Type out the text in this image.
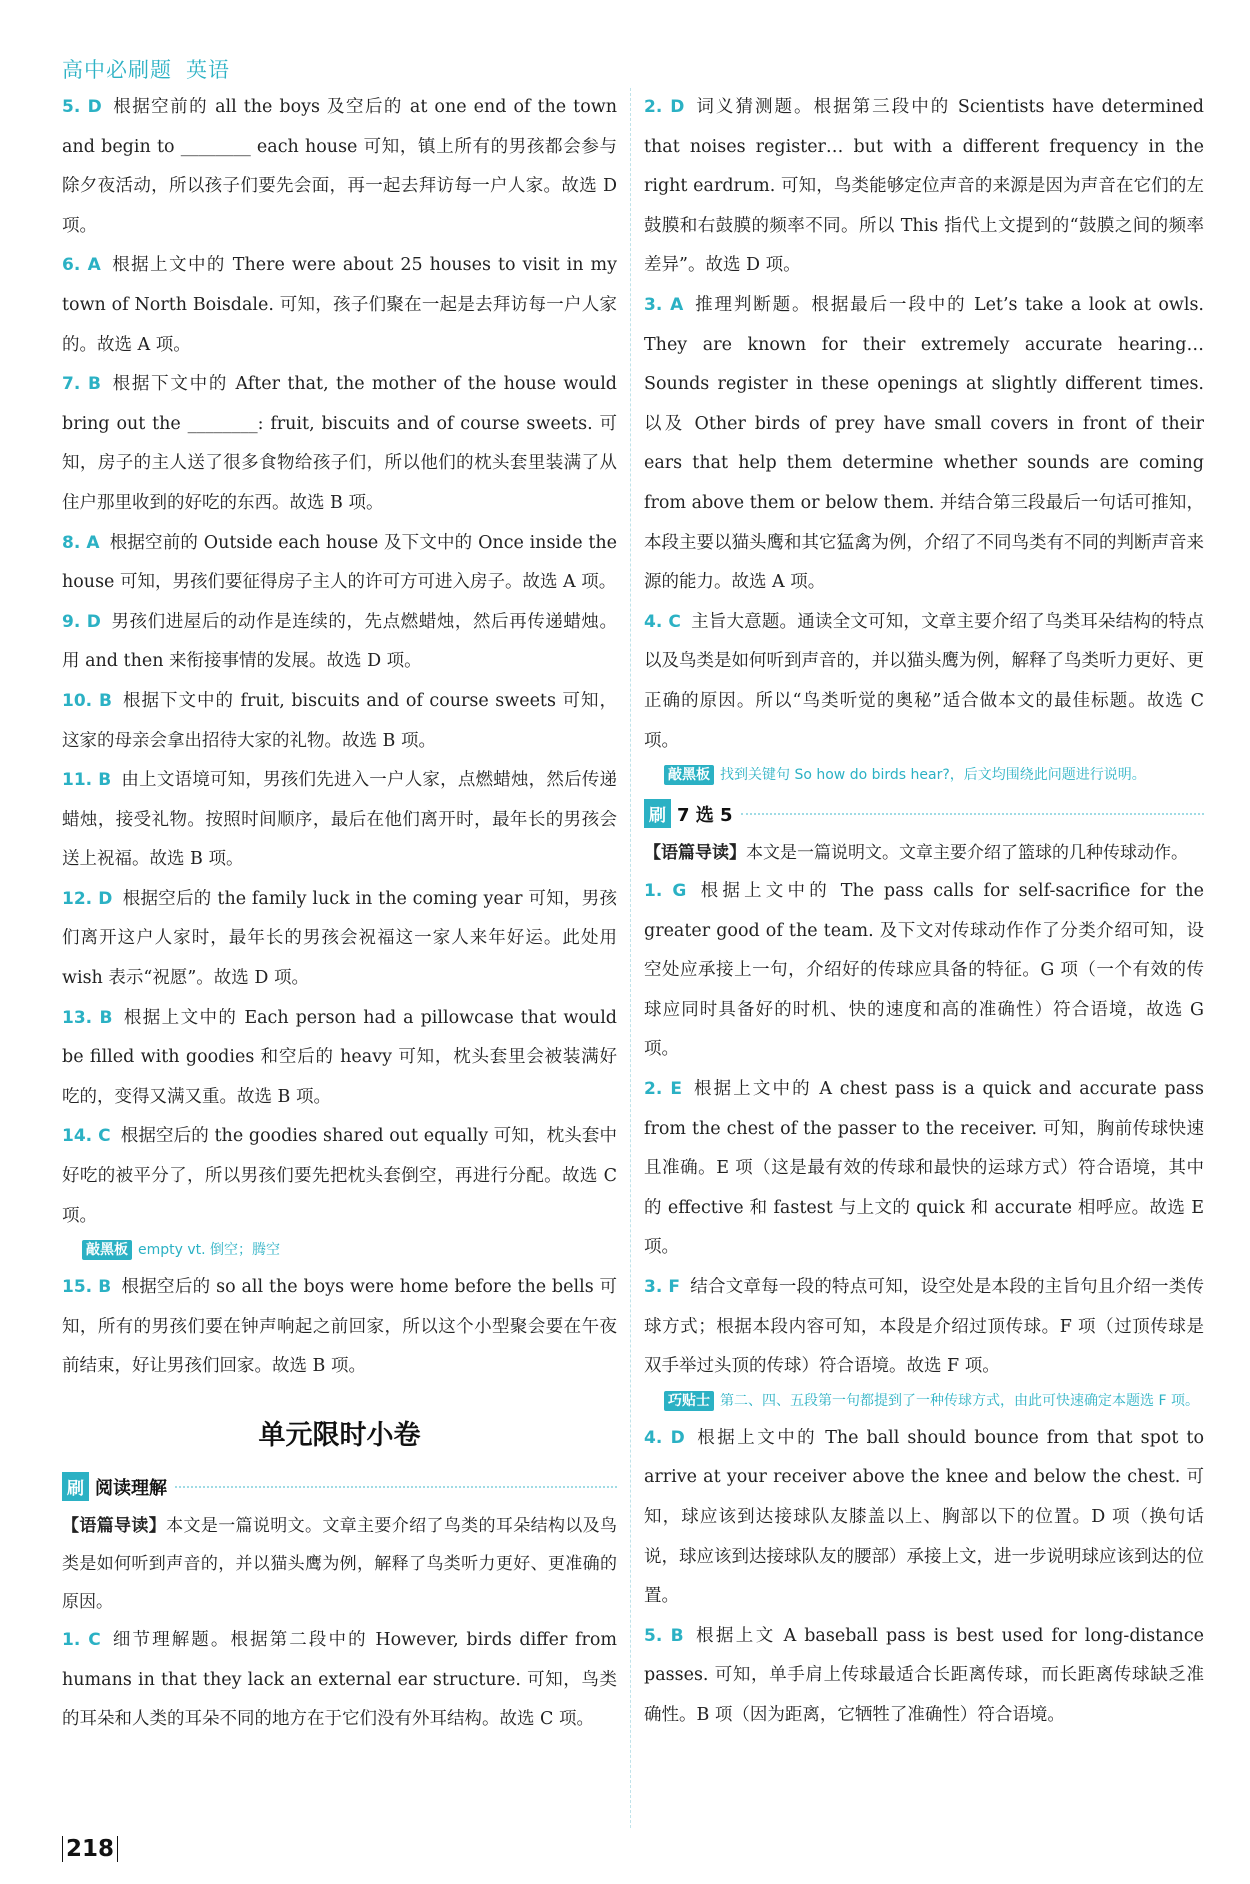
高中必刷题 英语

5. D 根据空前的 all the boys 及空后的 at one end of the town and begin to ________ each house 可知，镇上所有的男孩都会参与除夕夜活动，所以孩子们要先会面，再一起去拜访每一户人家。故选 D 项。

6. A 根据上文中的 There were about 25 houses to visit in my town of North Boisdale. 可知，孩子们聚在一起是去拜访每一户人家的。故选 A 项。

7. B 根据下文中的 After that, the mother of the house would bring out the ________: fruit, biscuits and of course sweets. 可知，房子的主人送了很多食物给孩子们，所以他们的枕头套里装满了从住户那里收到的好吃的东西。故选 B 项。

8. A 根据空前的 Outside each house 及下文中的 Once inside the house 可知，男孩们要征得房子主人的许可方可进入房子。故选 A 项。

9. D 男孩们进屋后的动作是连续的，先点燃蜡烛，然后再传递蜡烛。用 and then 来衔接事情的发展。故选 D 项。

10. B 根据下文中的 fruit, biscuits and of course sweets 可知，这家的母亲会拿出招待大家的礼物。故选 B 项。

11. B 由上文语境可知，男孩们先进入一户人家，点燃蜡烛，然后传递蜡烛，接受礼物。按照时间顺序，最后在他们离开时，最年长的男孩会送上祝福。故选 B 项。

12. D 根据空后的 the family luck in the coming year 可知，男孩们离开这户人家时，最年长的男孩会祝福这一家人来年好运。此处用 wish 表示“祝愿”。故选 D 项。

13. B 根据上文中的 Each person had a pillowcase that would be filled with goodies 和空后的 heavy 可知，枕头套里会被装满好吃的，变得又满又重。故选 B 项。

14. C 根据空后的 the goodies shared out equally 可知，枕头套中好吃的被平分了，所以男孩们要先把枕头套倒空，再进行分配。故选 C 项。

敲黑板 empty vt. 倒空；腾空

15. B 根据空后的 so all the boys were home before the bells 可知，所有的男孩们要在钟声响起之前回家，所以这个小型聚会要在午夜前结束，好让男孩们回家。故选 B 项。

单元限时小卷
刷 阅读理解

【语篇导读】本文是一篇说明文。文章主要介绍了鸟类的耳朵结构以及鸟类是如何听到声音的，并以猫头鹰为例，解释了鸟类听力更好、更准确的原因。

1. C 细节理解题。根据第二段中的 However, birds differ from humans in that they lack an external ear structure. 可知，鸟类的耳朵和人类的耳朵不同的地方在于它们没有外耳结构。故选 C 项。

2. D 词义猜测题。根据第三段中的 Scientists have determined that noises register… but with a different frequency in the right eardrum. 可知，鸟类能够定位声音的来源是因为声音在它们的左鼓膜和右鼓膜的频率不同。所以 This 指代上文提到的“鼓膜之间的频率差异”。故选 D 项。

3. A 推理判断题。根据最后一段中的 Let’s take a look at owls. They are known for their extremely accurate hearing… Sounds register in these openings at slightly different times. 以及 Other birds of prey have small covers in front of their ears that help them determine whether sounds are coming from above them or below them. 并结合第三段最后一句话可推知，本段主要以猫头鹰和其它猛禽为例，介绍了不同鸟类有不同的判断声音来源的能力。故选 A 项。

4. C 主旨大意题。通读全文可知，文章主要介绍了鸟类耳朵结构的特点以及鸟类是如何听到声音的，并以猫头鹰为例，解释了鸟类听力更好、更正确的原因。所以“鸟类听觉的奥秘”适合做本文的最佳标题。故选 C 项。

敲黑板 找到关键句 So how do birds hear?，后文均围绕此问题进行说明。
刷 7 选 5

【语篇导读】本文是一篇说明文。文章主要介绍了篮球的几种传球动作。

1. G 根据上文中的 The pass calls for self-sacrifice for the greater good of the team. 及下文对传球动作作了分类介绍可知，设空处应承接上一句，介绍好的传球应具备的特征。G 项（一个有效的传球应同时具备好的时机、快的速度和高的准确性）符合语境，故选 G 项。

2. E 根据上文中的 A chest pass is a quick and accurate pass from the chest of the passer to the receiver. 可知，胸前传球快速且准确。E 项（这是最有效的传球和最快的运球方式）符合语境，其中的 effective 和 fastest 与上文的 quick 和 accurate 相呼应。故选 E 项。

3. F 结合文章每一段的特点可知，设空处是本段的主旨句且介绍一类传球方式；根据本段内容可知，本段是介绍过顶传球。F 项（过顶传球是双手举过头顶的传球）符合语境。故选 F 项。

巧贴士 第二、四、五段第一句都提到了一种传球方式，由此可快速确定本题选 F 项。

4. D 根据上文中的 The ball should bounce from that spot to arrive at your receiver above the knee and below the chest. 可知，球应该到达接球队友膝盖以上、胸部以下的位置。D 项（换句话说，球应该到达接球队友的腰部）承接上文，进一步说明球应该到达的位置。

5. B 根据上文 A baseball pass is best used for long-distance passes. 可知，单手肩上传球最适合长距离传球，而长距离传球缺乏准确性。B 项（因为距离，它牺牲了准确性）符合语境。

218
